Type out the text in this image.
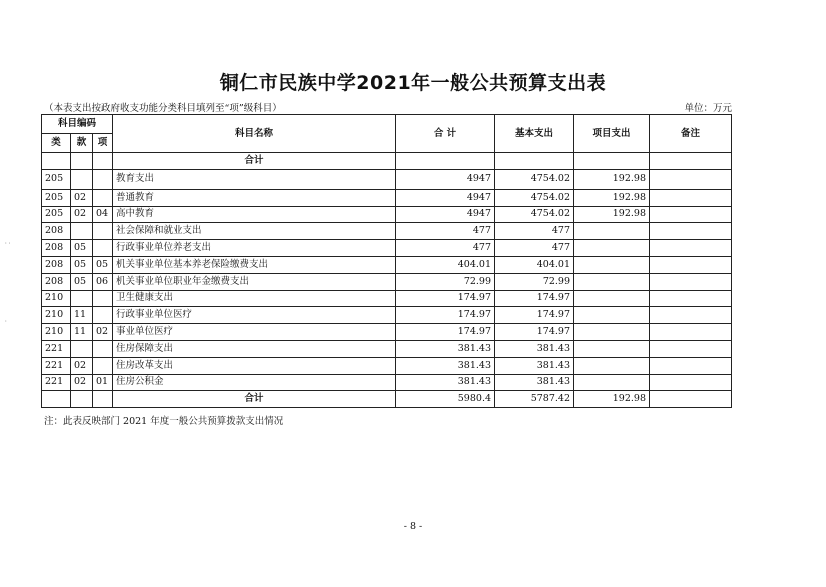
铜仁市民族中学2021年一般公共预算支出表
（本表支出按政府收支功能分类科目填列至“项”级科目）	单位：万元
··
·
科目编码			科目名称	合 计	基本支出	项目支出	备注
类	款	项					
			合计				
205			教育支出	4947	4754.02	192.98	
205	02		普通教育	4947	4754.02	192.98	
205	02	04	高中教育	4947	4754.02	192.98	
208			社会保障和就业支出	477	477		
208	05		行政事业单位养老支出	477	477		
208	05	05	机关事业单位基本养老保险缴费支出	404.01	404.01		
208	05	06	机关事业单位职业年金缴费支出	72.99	72.99		
210			卫生健康支出	174.97	174.97		
210	11		行政事业单位医疗	174.97	174.97		
210	11	02	事业单位医疗	174.97	174.97		
221			住房保障支出	381.43	381.43		
221	02		住房改革支出	381.43	381.43		
221	02	01	住房公积金	381.43	381.43		
			合计	5980.4	5787.42	192.98	
注：此表反映部门 2021 年度一般公共预算拨款支出情况
- 8 -
